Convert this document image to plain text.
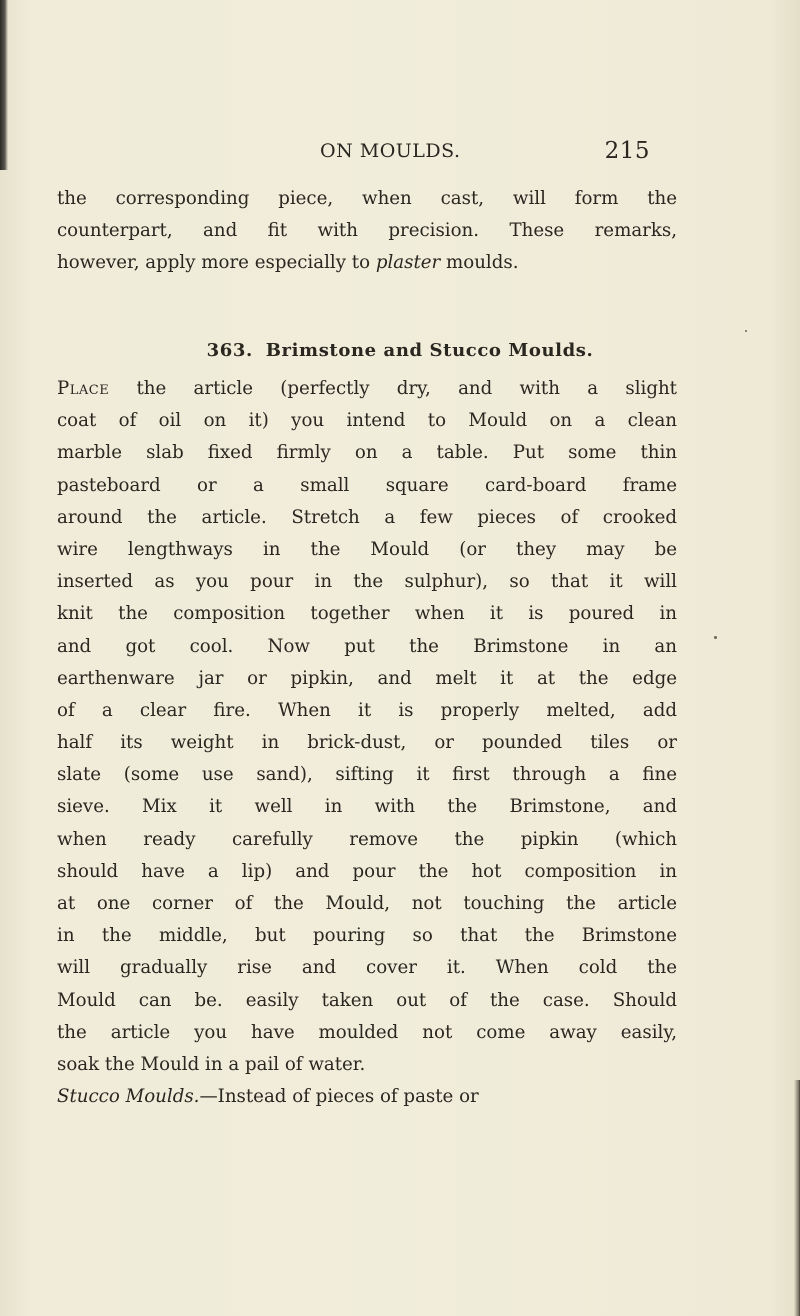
ON MOULDS.	215
the corresponding piece, when cast, will form the
counterpart, and fit with precision. These remarks,
however, apply more especially to plaster moulds.
363. Brimstone and Stucco Moulds.
Place the article (perfectly dry, and with a slight
coat of oil on it) you intend to Mould on a clean
marble slab fixed firmly on a table. Put some thin
pasteboard or a small square card-board frame
around the article. Stretch a few pieces of crooked
wire lengthways in the Mould (or they may be
inserted as you pour in the sulphur), so that it will
knit the composition together when it is poured in
and got cool. Now put the Brimstone in an
earthenware jar or pipkin, and melt it at the edge
of a clear fire. When it is properly melted, add
half its weight in brick-dust, or pounded tiles or
slate (some use sand), sifting it first through a fine
sieve. Mix it well in with the Brimstone, and
when ready carefully remove the pipkin (which
should have a lip) and pour the hot composition in
at one corner of the Mould, not touching the article
in the middle, but pouring so that the Brimstone
will gradually rise and cover it. When cold the
Mould can be. easily taken out of the case. Should
the article you have moulded not come away easily,
soak the Mould in a pail of water.
Stucco Moulds.—Instead of pieces of paste or
